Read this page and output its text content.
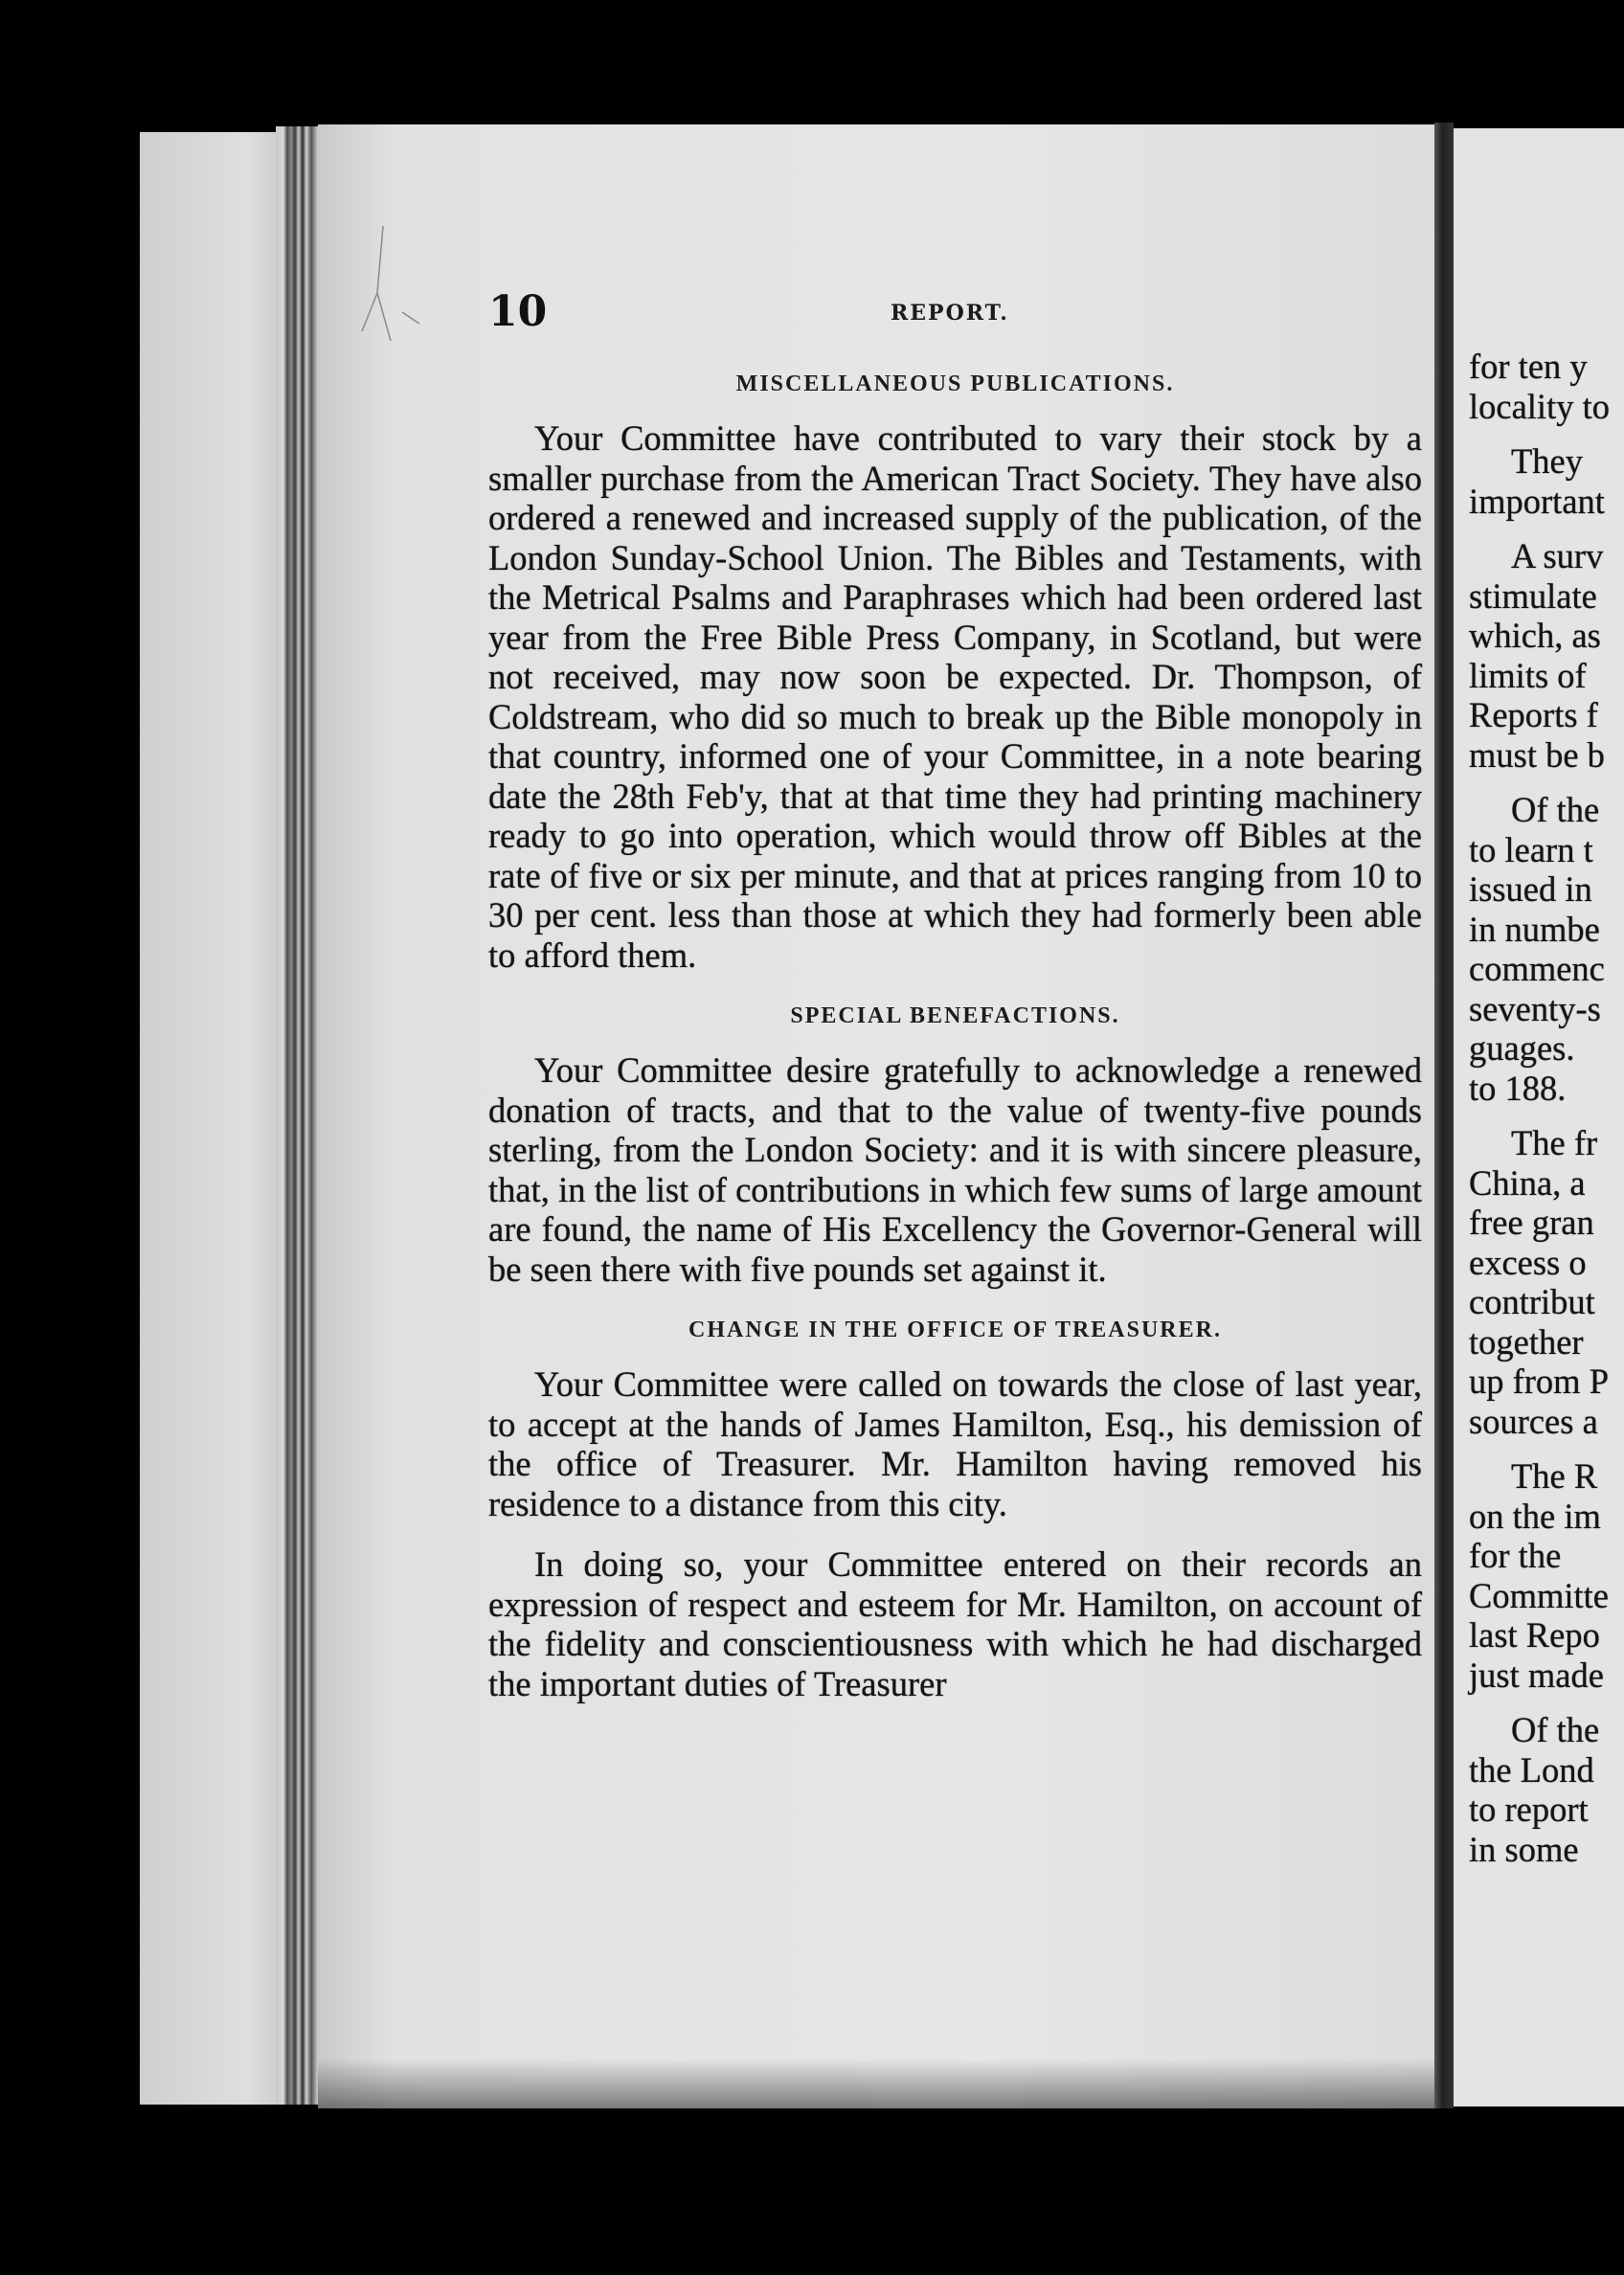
10	REPORT.
MISCELLANEOUS PUBLICATIONS.

Your Committee have contributed to vary their stock by a smaller purchase from the American Tract Society. They have also ordered a renewed and increased supply of the publication, of the London Sunday-School Union. The Bibles and Testaments, with the Metrical Psalms and Paraphrases which had been ordered last year from the Free Bible Press Company, in Scotland, but were not received, may now soon be expected. Dr. Thompson, of Coldstream, who did so much to break up the Bible monopoly in that country, informed one of your Committee, in a note bearing date the 28th Feb'y, that at that time they had printing machinery ready to go into operation, which would throw off Bibles at the rate of five or six per minute, and that at prices ranging from 10 to 30 per cent. less than those at which they had formerly been able to afford them.

SPECIAL BENEFACTIONS.

Your Committee desire gratefully to acknowledge a renewed donation of tracts, and that to the value of twenty-five pounds sterling, from the London Society: and it is with sincere pleasure, that, in the list of contributions in which few sums of large amount are found, the name of His Excellency the Governor-General will be seen there with five pounds set against it.

CHANGE IN THE OFFICE OF TREASURER.

Your Committee were called on towards the close of last year, to accept at the hands of James Hamilton, Esq., his demission of the office of Treasurer. Mr. Hamilton having removed his residence to a distance from this city.

In doing so, your Committee entered on their records an expression of respect and esteem for Mr. Hamilton, on account of the fidelity and conscientiousness with which he had discharged the important duties of Treasurer

for ten y
locality to
They
important
A surv
stimulate
which, as
limits of
Reports f
must be b
Of the
to learn t
issued in
in numbe
commenc
seventy-s
guages.
to 188.
The fr
China, a
free gran
excess o
contribut
together
up from P
sources a
The R
on the im
for the
Committe
last Repo
just made
Of the
the Lond
to report
in some
